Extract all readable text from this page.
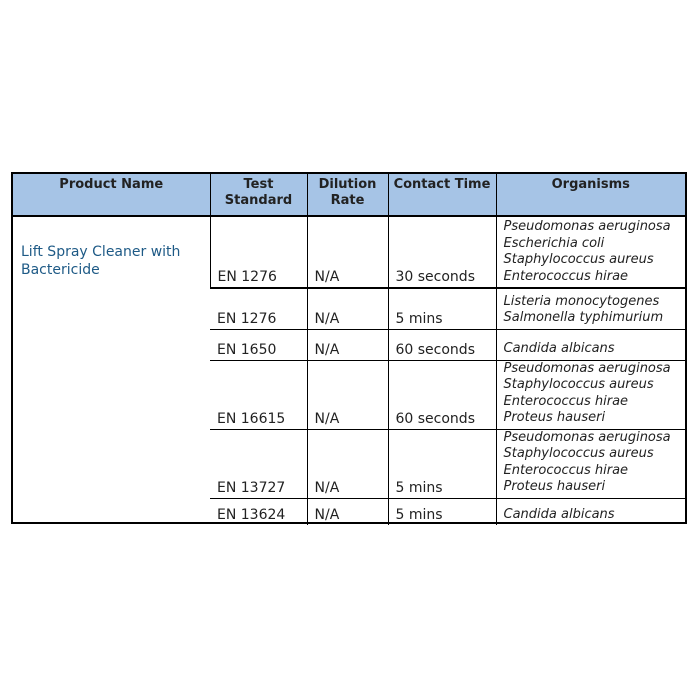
Product Name	Test Standard	Dilution Rate	Contact Time	Organisms
Lift Spray Cleaner with Bactericide	EN 1276	N/A	30 seconds	Pseudomonas aeruginosa
Escherichia coli
Staphylococcus aureus
Enterococcus hirae

	EN 1276	N/A	5 mins	Listeria monocytogenes
Salmonella typhimurium

	EN 1650	N/A	60 seconds	Candida albicans

	EN 16615	N/A	60 seconds	Pseudomonas aeruginosa
Staphylococcus aureus
Enterococcus hirae
Proteus hauseri

	EN 13727	N/A	5 mins	Pseudomonas aeruginosa
Staphylococcus aureus
Enterococcus hirae
Proteus hauseri

	EN 13624	N/A	5 mins	Candida albicans
